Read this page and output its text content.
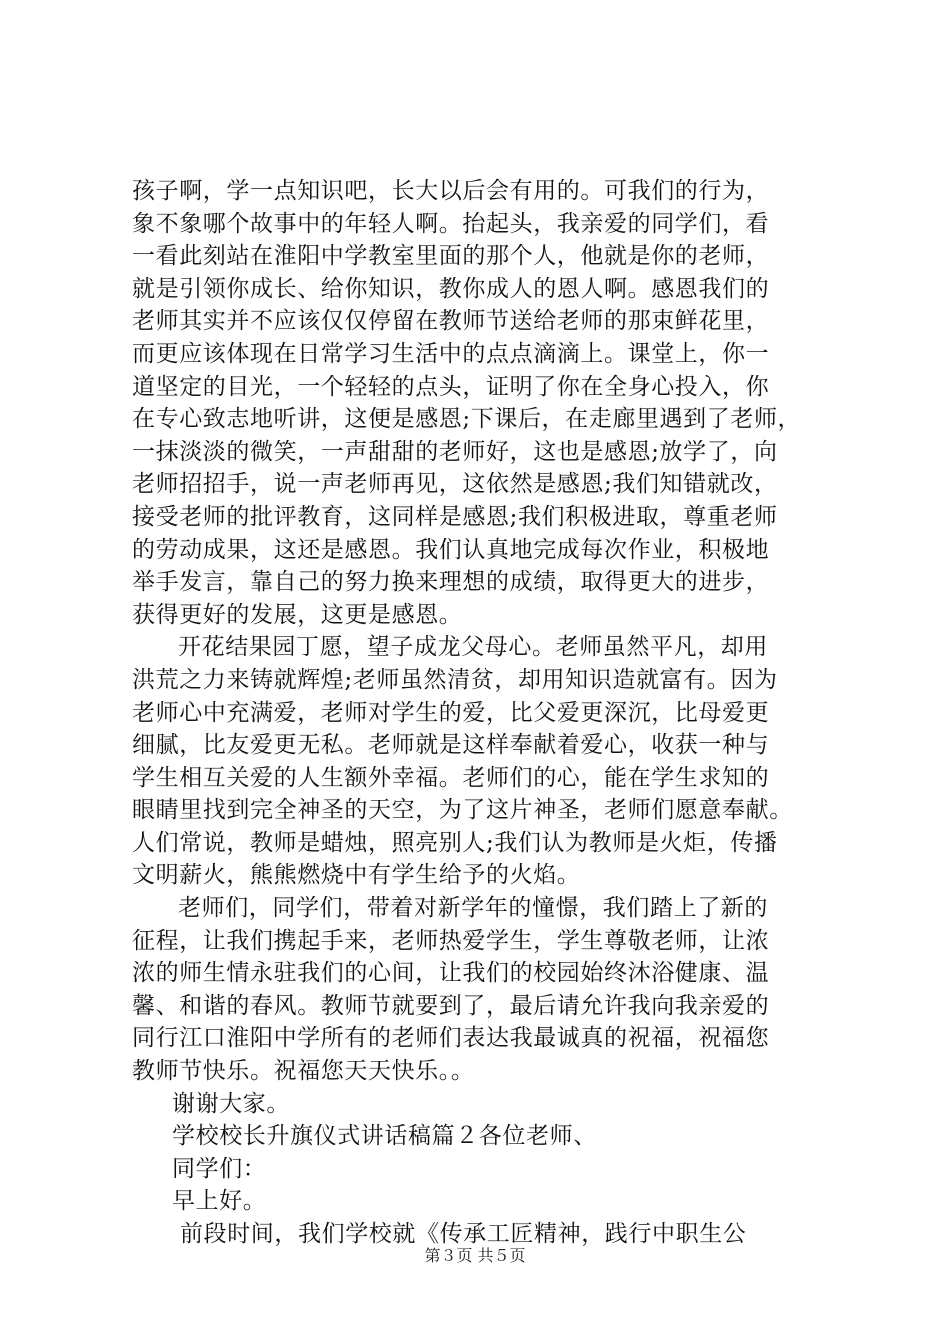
孩子啊，学一点知识吧，长大以后会有用的。可我们的行为，
象不象哪个故事中的年轻人啊。抬起头，我亲爱的同学们，看
一看此刻站在淮阳中学教室里面的那个人，他就是你的老师，
就是引领你成长、给你知识，教你成人的恩人啊。感恩我们的
老师其实并不应该仅仅停留在教师节送给老师的那束鲜花里，
而更应该体现在日常学习生活中的点点滴滴上。课堂上，你一
道坚定的目光，一个轻轻的点头，证明了你在全身心投入，你
在专心致志地听讲，这便是感恩;下课后，在走廊里遇到了老师，
一抹淡淡的微笑，一声甜甜的老师好，这也是感恩;放学了，向
老师招招手，说一声老师再见，这依然是感恩;我们知错就改，
接受老师的批评教育，这同样是感恩;我们积极进取，尊重老师
的劳动成果，这还是感恩。我们认真地完成每次作业，积极地
举手发言，靠自己的努力换来理想的成绩，取得更大的进步，
获得更好的发展，这更是感恩。
开花结果园丁愿，望子成龙父母心。老师虽然平凡，却用
洪荒之力来铸就辉煌;老师虽然清贫，却用知识造就富有。因为
老师心中充满爱，老师对学生的爱，比父爱更深沉，比母爱更
细腻，比友爱更无私。老师就是这样奉献着爱心，收获一种与
学生相互关爱的人生额外幸福。老师们的心，能在学生求知的
眼睛里找到完全神圣的天空，为了这片神圣，老师们愿意奉献。
人们常说，教师是蜡烛，照亮别人;我们认为教师是火炬，传播
文明薪火，熊熊燃烧中有学生给予的火焰。
老师们，同学们，带着对新学年的憧憬，我们踏上了新的
征程，让我们携起手来，老师热爱学生，学生尊敬老师，让浓
浓的师生情永驻我们的心间，让我们的校园始终沐浴健康、温
馨、和谐的春风。教师节就要到了，最后请允许我向我亲爱的
同行江口淮阳中学所有的老师们表达我最诚真的祝福，祝福您
教师节快乐。祝福您天天快乐。。
谢谢大家。
学校校长升旗仪式讲话稿篇２各位老师、
同学们：
早上好。
前段时间，我们学校就《传承工匠精神，践行中职生公
第３页 共５页
